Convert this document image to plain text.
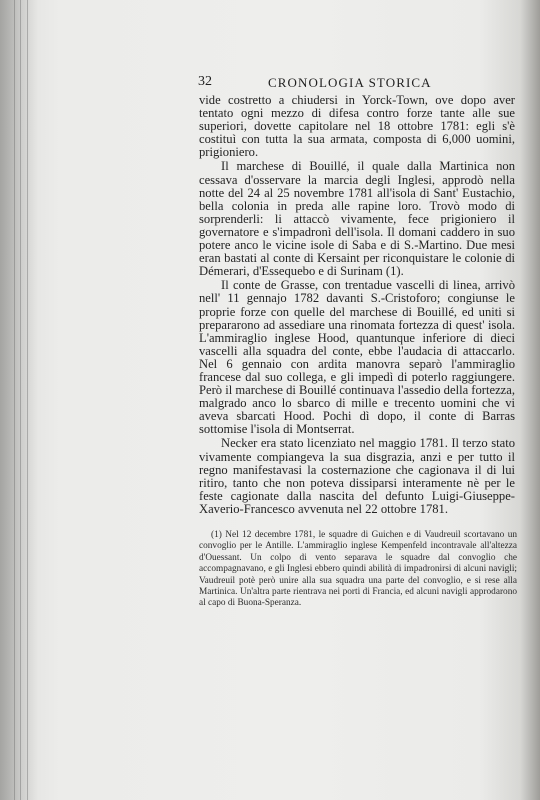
32	CRONOLOGIA STORICA

vide costretto a chiudersi in Yorck-Town, ove dopo aver tentato ogni mezzo di difesa contro forze tante alle sue superiori, dovette capitolare nel 18 ottobre 1781: egli s'è costituì con tutta la sua armata, composta di 6,000 uomini, prigioniero.

Il marchese di Bouillé, il quale dalla Martinica non cessava d'osservare la marcia degli Inglesi, approdò nella notte del 24 al 25 novembre 1781 all'isola di Sant' Eustachio, bella colonia in preda alle rapine loro. Trovò modo di sorprenderli: li attaccò vivamente, fece prigioniero il governatore e s'impadronì dell'isola. Il domani caddero in suo potere anco le vicine isole di Saba e di S.-Martino. Due mesi eran bastati al conte di Kersaint per riconquistare le colonie di Démerari, d'Essequebo e di Surinam (1).

Il conte de Grasse, con trentadue vascelli di linea, arrivò nell' 11 gennajo 1782 davanti S.-Cristoforo; congiunse le proprie forze con quelle del marchese di Bouillé, ed uniti si prepararono ad assediare una rinomata fortezza di quest' isola. L'ammiraglio inglese Hood, quantunque inferiore di dieci vascelli alla squadra del conte, ebbe l'audacia di attaccarlo. Nel 6 gennaio con ardita manovra separò l'ammiraglio francese dal suo collega, e gli impedì di poterlo raggiungere. Però il marchese di Bouillé continuava l'assedio della fortezza, malgrado anco lo sbarco di mille e trecento uomini che vi aveva sbarcati Hood. Pochi dì dopo, il conte di Barras sottomise l'isola di Montserrat.

Necker era stato licenziato nel maggio 1781. Il terzo stato vivamente compiangeva la sua disgrazia, anzi e per tutto il regno manifestavasi la costernazione che cagionava il di lui ritiro, tanto che non poteva dissiparsi interamente nè per le feste cagionate dalla nascita del defunto Luigi-Giuseppe-Xaverio-Francesco avvenuta nel 22 ottobre 1781.

(1) Nel 12 decembre 1781, le squadre di Guichen e di Vaudreuil scortavano un convoglio per le Antille. L'ammiraglio inglese Kempenfeld incontravale all'altezza d'Ouessant. Un colpo di vento separava le squadre dal convoglio che accompagnavano, e gli Inglesi ebbero quindi abilità di impadronirsi di alcuni navigli; Vaudreuil potè però unire alla sua squadra una parte del convoglio, e si rese alla Martinica. Un'altra parte rientrava nei porti di Francia, ed alcuni navigli approdarono al capo di Buona-Speranza.
